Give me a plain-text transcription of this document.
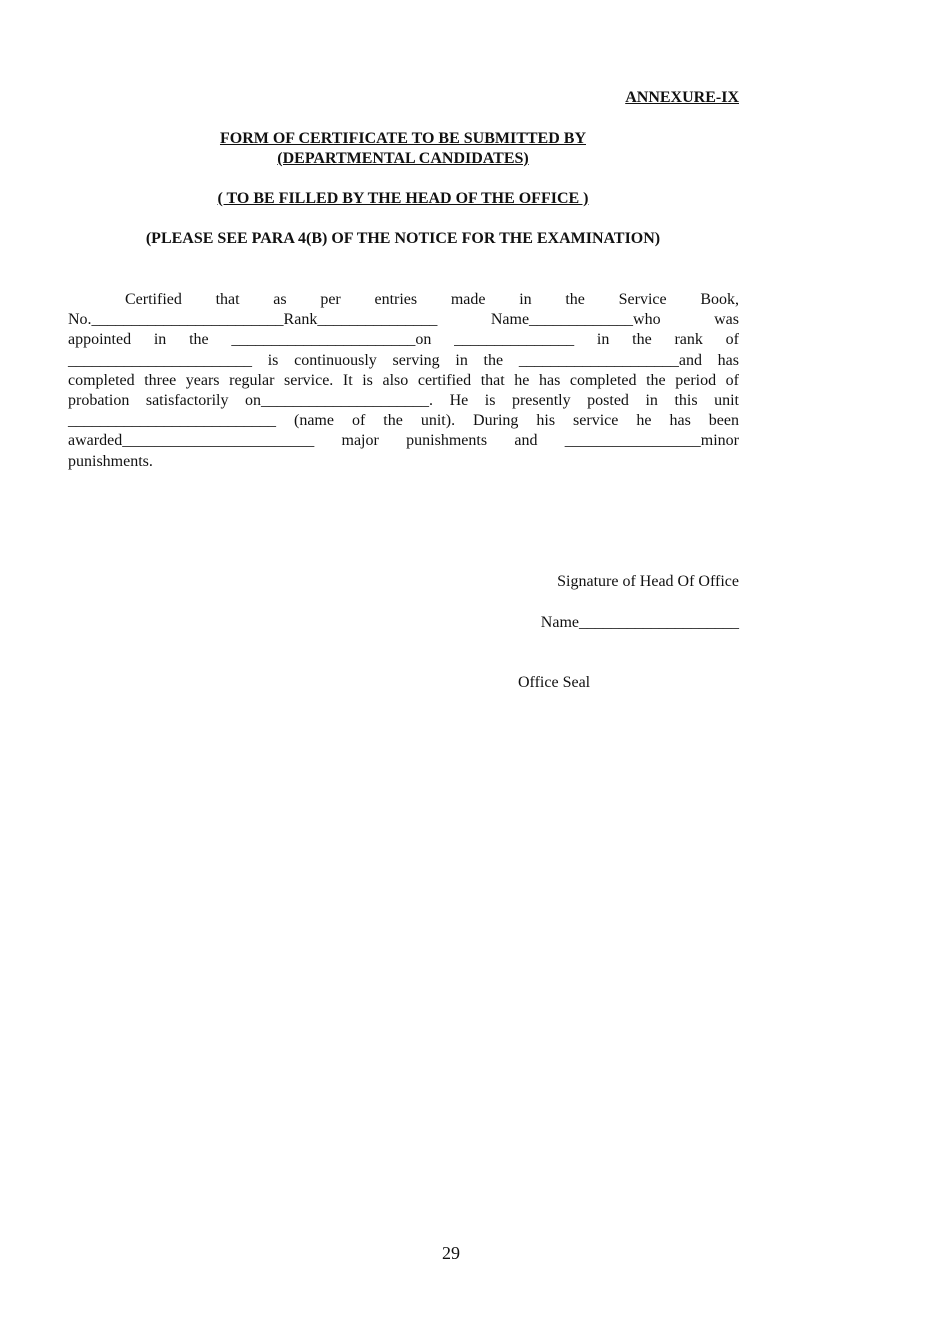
ANNEXURE-IX
FORM OF CERTIFICATE TO BE SUBMITTED BY
(DEPARTMENTAL CANDIDATES)
( TO BE FILLED BY THE HEAD OF THE OFFICE )
(PLEASE SEE PARA 4(B) OF THE NOTICE FOR THE EXAMINATION)
Certified that as per entries made in the Service Book,
No.________________________Rank_______________ Name_____________who was
appointed in the _______________________on _______________ in the rank of
_______________________ is continuously serving in the ____________________and has
completed three years regular service. It is also certified that he has completed the period of
probation satisfactorily on_____________________. He is presently posted in this unit
__________________________ (name of the unit). During his service he has been
awarded________________________ major punishments and _________________minor
punishments.
Signature of Head Of Office
Name____________________
Office Seal
29
